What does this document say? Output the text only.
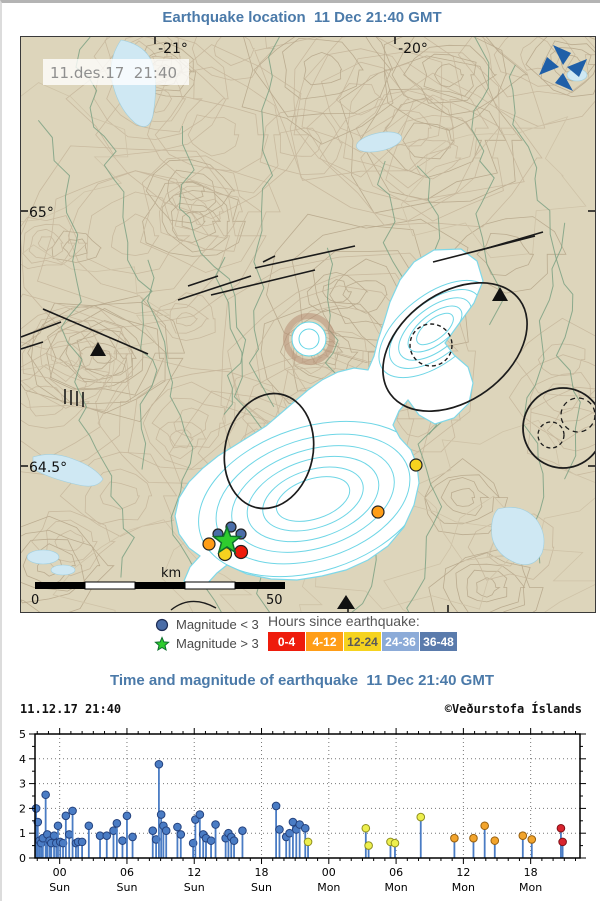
Earthquake location  11 Dec 21:40 GMT
-21°	-20°
65°
64.5°
11.des.17  21:40
km
0	50
Magnitude < 3
Magnitude > 3
Hours since earthquake:
0-4	4-12 12-24 24-36 36-48
Time and magnitude of earthquake  11 Dec 21:40 GMT
11.12.17 21:40	©Veðurstofa Íslands
0
1
2
3
4
5
00
Sun
06
Sun
12
Sun
18
Sun
00
Mon
06
Mon
12
Mon
18
Mon
